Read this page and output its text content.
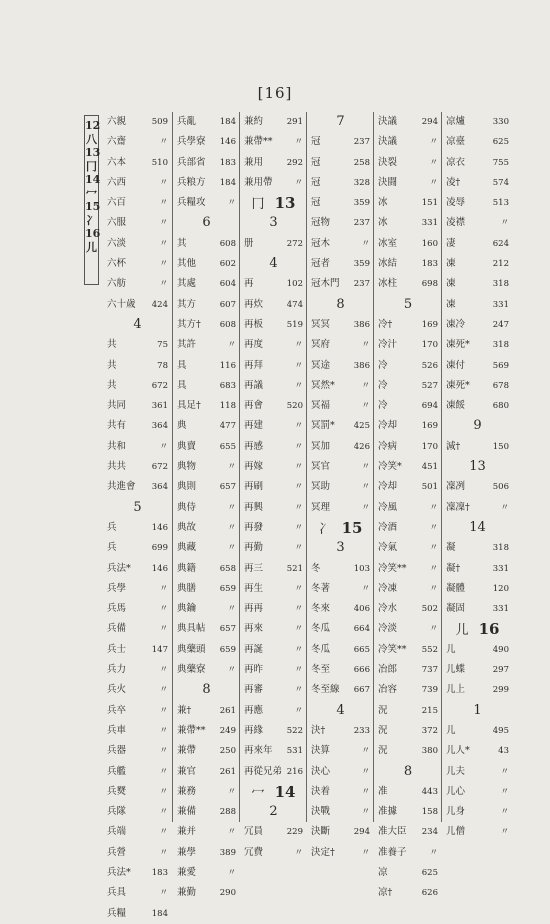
[16]
12
八
13
冂
14
冖
15
冫
16
儿
六親	509
六齋	〃
六本	510
六西	〃
六百	〃
六服	〃
六淡	〃
六杯	〃
六舫	〃
六十歲 424
4
共	75
共	78
共	672
共同	361
共有	364
共和	〃
共共	672
共進會 364
5
兵	146
兵	699
兵法* 146
兵學	〃
兵馬	〃
兵備	〃
兵士	147
兵力	〃
兵火	〃
兵卒	〃
兵車	〃
兵器	〃
兵艦	〃
兵燹	〃
兵隊	〃
兵端	〃
兵營	〃
兵法* 183
兵具	〃
兵糧	184
兵亂	184
兵學寮 146
兵部省 183
兵粮方 184
兵糧攻	〃
6
其	608
其他	602
其處	604
其方	607
其方† 608
其許	〃
具	116
具	683
具足† 118
典	477
典賣	655
典物	〃
典則	657
典侍	〃
典故	〃
典藏	〃
典籍	658
典膳	659
典鑰	〃
典具帖 657
典藥頭 659
典藥寮	〃
8
兼†	261
兼帶** 249
兼帶	250
兼官	261
兼務	〃
兼備	288
兼并	〃
兼學	389
兼愛	〃
兼勤	290
兼約	291
兼帶**	〃
兼用	292
兼用帶	〃
冂 13
3
册	272
4
再	102
再炊	474
再板	519
再度	〃
再拜	〃
再議	〃
再會	520
再建	〃
再感	〃
再嫁	〃
再刷	〃
再興	〃
再發	〃
再勤	〃
再三	521
再生	〃
再再	〃
再來	〃
再誕	〃
再昨	〃
再審	〃
再應	〃
再緣	522
再來年 531
再從兄弟 216
冖 14
2
冗員	229
冗費	〃
7
冠	237
冠	258
冠	328
冠	359
冠物	237
冠木	〃
冠者	359
冠木門 237
8
冥冥	386
冥府	〃
冥途	386
冥然*	〃
冥福	〃
冥罰* 425
冥加	426
冥官	〃
冥助	〃
冥理	〃
冫 15
3
冬	103
冬著	〃
冬來	406
冬瓜	664
冬瓜	665
冬至	666
冬至線 667
4
決†	233
決算	〃
決心	〃
決着	〃
決戰	〃
決斷	294
決定†	〃
決議	294
決議	〃
決裂	〃
決闘	〃
冰	151
冰	331
冰室	160
冰結	183
冰柱	698
5
冷†	169
冷汁	170
冷	526
冷	527
冷	694
冷却	169
冷病	170
冷笑* 451
冷却	501
冷風	〃
冷酒	〃
冷氣	〃
冷笑**	〃
冷凍	〃
冷水	502
冷淡	〃
冷笑** 552
冶郎	737
冶容	739
況	215
況	372
況	380
8
准	443
准據	158
准大臣 234
准養子	〃
凉	625
凉†	626
凉爐	330
凉臺	625
凉衣	755
凌†	574
凌辱	513
凌襟	〃
凄	624
凍	212
凍	318
凍	331
凍冷	247
凍死*	318
凍付	569
凍死*	678
凍餒	680
9
減†	150
13
凜冽	506
凜凜†	〃
14
凝	318
凝†	331
凝體	120
凝固	331
儿 16
儿	490
儿蝶	297
儿上	299
1
儿	495
儿人*	43
儿夫	〃
儿心	〃
儿身	〃
儿僧	〃
